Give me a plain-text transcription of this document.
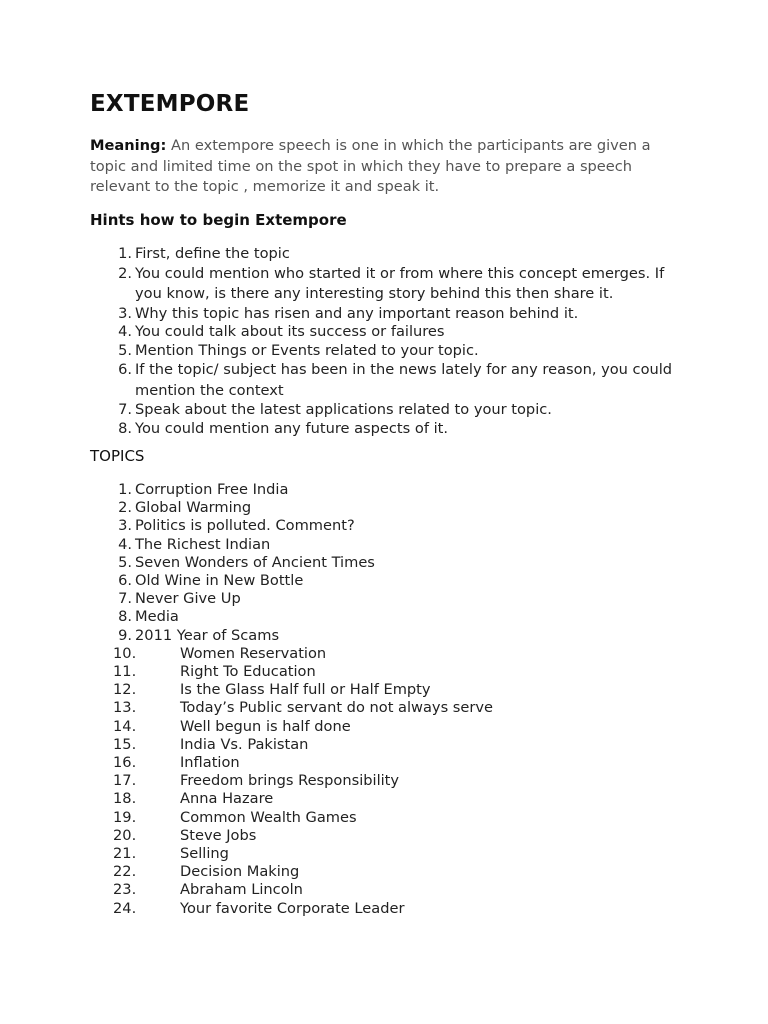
EXTEMPORE

Meaning: An extempore speech is one in which the participants are given a topic and limited time on the spot in which they have to prepare a speech relevant to the topic , memorize it and speak it.

Hints how to begin Extempore
1. First, define the topic
2. You could mention who started it or from where this concept emerges. If you know, is there any interesting story behind this then share it.
3. Why this topic has risen and any important reason behind it.
4. You could talk about its success or failures
5. Mention Things or Events related to your topic.
6. If the topic/ subject has been in the news lately for any reason, you could mention the context
7. Speak about the latest applications related to your topic.
8. You could mention any future aspects of it.
TOPICS
1. Corruption Free India
2. Global Warming
3. Politics is polluted. Comment?
4. The Richest Indian
5. Seven Wonders of Ancient Times
6. Old Wine in New Bottle
7. Never Give Up
8. Media
9. 2011 Year of Scams
10.	Women Reservation
11.	Right To Education
12.	Is the Glass Half full or Half Empty
13.	Today’s Public servant do not always serve
14.	Well begun is half done
15.	India Vs. Pakistan
16.	Inflation
17.	Freedom brings Responsibility
18.	Anna Hazare
19.	Common Wealth Games
20.	Steve Jobs
21.	Selling
22.	Decision Making
23.	Abraham Lincoln
24.	Your favorite Corporate Leader
